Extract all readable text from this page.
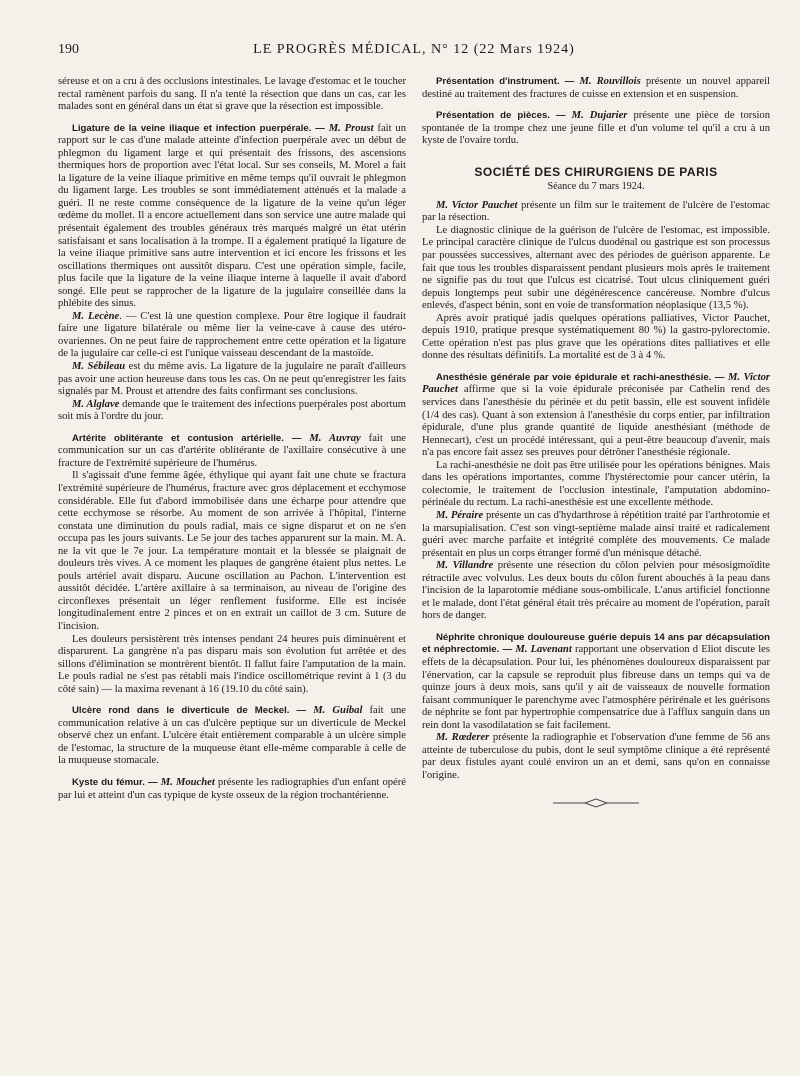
190	LE PROGRÈS MÉDICAL, N° 12 (22 Mars 1924)

séreuse et on a cru à des occlusions intestinales. Le lavage d'estomac et le toucher rectal ramènent parfois du sang. Il n'a tenté la résection que dans un cas, car les malades sont en général dans un état si grave que la résection est impossible.

Ligature de la veine iliaque et infection puerpérale. — M. Proust fait un rapport sur le cas d'une malade atteinte d'infection puerpérale avec un début de phlegmon du ligament large et qui présentait des frissons, des ascensions thermiques hors de proportion avec l'état local. Sur ses conseils, M. Morel a fait la ligature de la veine iliaque primitive en même temps qu'il ouvrait le phlegmon du ligament large. Les troubles se sont immédiatement atténués et la malade a guéri. Il ne reste comme conséquence de la ligature de la veine qu'un léger œdème du mollet. Il a encore actuellement dans son service une autre malade qui présentait également des troubles généraux très marqués malgré un état utérin satisfaisant et sans localisation à la trompe. Il a également pratiqué la ligature de la veine iliaque primitive sans autre intervention et ici encore les frissons et les oscillations thermiques ont aussitôt disparu. C'est une opération simple, facile, plus facile que la ligature de la veine iliaque interne à laquelle il avait d'abord songé. Elle peut se rapprocher de la ligature de la jugulaire conseillée dans la phlébite des sinus.

M. Lecène. — C'est là une question complexe. Pour être logique il faudrait faire une ligature bilatérale ou même lier la veine-cave à cause des utéro-ovariennes. On ne peut faire de rapprochement entre cette opération et la ligature de la jugulaire car celle-ci est l'unique vaisseau descendant de la mastoïde.

M. Sébileau est du même avis. La ligature de la jugulaire ne paraît d'ailleurs pas avoir une action heureuse dans tous les cas. On ne peut qu'enregistrer les faits signalés par M. Proust et attendre des faits confirmant ses conclusions.

M. Alglave demande que le traitement des infections puerpérales post abortum soit mis à l'ordre du jour.

Artérite oblitérante et contusion artérielle. — M. Auvray fait une communication sur un cas d'artérite oblitérante de l'axillaire consécutive à une fracture de l'extrémité supérieure de l'humérus.

Il s'agissait d'une femme âgée, éthylique qui ayant fait une chute se fractura l'extrémité supérieure de l'humérus, fracture avec gros déplacement et ecchymose considérable. Elle fut d'abord immobilisée dans une écharpe pour attendre que cette ecchymose se résorbe. Au moment de son arrivée à l'hôpital, l'interne constata une diminution du pouls radial, mais ce signe disparut et on ne s'en occupa pas les jours suivants. Le 5e jour des taches apparurent sur la main. M. A. ne la vit que le 7e jour. La température montait et la blessée se plaignait de douleurs très vives. A ce moment les plaques de gangrène étaient plus nettes. Le pouls artériel avait disparu. Aucune oscillation au Pachon. L'intervention est aussitôt décidée. L'artère axillaire à sa terminaison, au niveau de l'origine des circonflexes présentait un léger renflement fusiforme. Elle est incisée longitudinalement entre 2 pinces et on en extrait un caillot de 3 cm. Suture de l'incision.

Les douleurs persistèrent très intenses pendant 24 heures puis diminuèrent et disparurent. La gangrène n'a pas disparu mais son évolution fut arrêtée et des sillons d'élimination se montrèrent bientôt. Il fallut faire l'amputation de la main. Le pouls radial ne s'est pas rétabli mais l'indice oscillométrique revint à 1 (3 du côté sain) — la maxima revenant à 16 (19.10 du côté sain).

Ulcère rond dans le diverticule de Meckel. — M. Guibal fait une communication relative à un cas d'ulcère peptique sur un diverticule de Meckel observé chez un enfant. L'ulcère était entièrement comparable à un ulcère simple de l'estomac, la structure de la muqueuse étant elle-même comparable à celle de la muqueuse stomacale.

Kyste du fémur. — M. Mouchet présente les radiographies d'un enfant opéré par lui et atteint d'un cas typique de kyste osseux de la région trochantérienne.

Présentation d'instrument. — M. Rouvillois présente un nouvel appareil destiné au traitement des fractures de cuisse en extension et en suspension.

Présentation de pièces. — M. Dujarier présente une pièce de torsion spontanée de la trompe chez une jeune fille et d'un volume tel qu'il a cru à un kyste de l'ovaire tordu.

SOCIÉTÉ DES CHIRURGIENS DE PARIS
Séance du 7 mars 1924.

M. Victor Pauchet présente un film sur le traitement de l'ulcère de l'estomac par la résection.

Le diagnostic clinique de la guérison de l'ulcère de l'estomac, est impossible. Le principal caractère clinique de l'ulcus duodénal ou gastrique est son processus par poussées successives, alternant avec des périodes de guérison apparente. Le fait que tous les troubles disparaissent pendant plusieurs mois après le traitement ne signifie pas du tout que l'ulcus est cicatrisé. Tout ulcus cliniquement guéri depuis longtemps peut subir une dégénérescence cancéreuse. Nombre d'ulcus enlevés, d'aspect bénin, sont en voie de transformation néoplasique (13,5 %).

Après avoir pratiqué jadis quelques opérations palliatives, Victor Pauchet, depuis 1910, pratique presque systématiquement 80 %) la gastro-pylorectomie. Cette opération n'est pas plus grave que les opérations dites palliatives et elle donne des résultats définitifs. La mortalité est de 3 à 4 %.

Anesthésie générale par voie épidurale et rachi-anesthésie. — M. Victor Pauchet affirme que si la voie épidurale préconisée par Cathelin rend des services dans l'anesthésie du périnée et du petit bassin, elle est souvent infidèle (1/4 des cas). Quant à son extension à l'anesthésie du corps entier, par infiltration épidurale, d'une plus grande quantité de liquide anesthésiant (méthode de Hennecart), c'est un procédé intéressant, qui a peut-être beaucoup d'avenir, mais n'a pas encore fait assez ses preuves pour détrôner l'anesthésie régionale.

La rachi-anesthésie ne doit pas être utilisée pour les opérations bénignes. Mais dans les opérations importantes, comme l'hystérectomie pour cancer utérin, la colectomie, le traitement de l'occlusion intestinale, l'amputation abdomino-périnéale du rectum. La rachi-anesthésie est une excellente méthode.

M. Péraire présente un cas d'hydarthrose à répétition traité par l'arthrotomie et la marsupialisation. C'est son vingt-septième malade ainsi traité et radicalement guéri avec marche parfaite et intégrité complète des mouvements. Ce malade présentait en plus un corps étranger formé d'un ménisque détaché.

M. Villandre présente une résection du côlon pelvien pour mésosigmoïdite rétractile avec volvulus. Les deux bouts du côlon furent abouchés à la peau dans l'incision de la laparotomie médiane sous-ombilicale. L'anus artificiel fonctionne et le malade, dont l'état général était très précaire au moment de l'opération, paraît hors de danger.

Néphrite chronique douloureuse guérie depuis 14 ans par décapsulation et néphrectomie. — M. Lavenant rapportant une observation d Eliot discute les effets de la décapsulation. Pour lui, les phénomènes douloureux disparaissent par l'énervation, car la capsule se reproduit plus fibreuse dans un temps qui va de quinze jours à deux mois, sans qu'il y ait de vaisseaux de nouvelle formation faisant communiquer le parenchyme avec l'atmosphère périrénale et les guérisons de néphrite se font par hypertrophie compensatrice due à l'afflux sanguin dans un rein dont la vasodilatation se fait facilement.

M. Rœderer présente la radiographie et l'observation d'une femme de 56 ans atteinte de tuberculose du pubis, dont le seul symptôme clinique a été représenté par deux fistules ayant coulé environ un an et demi, sans qu'on en connaisse l'origine.
